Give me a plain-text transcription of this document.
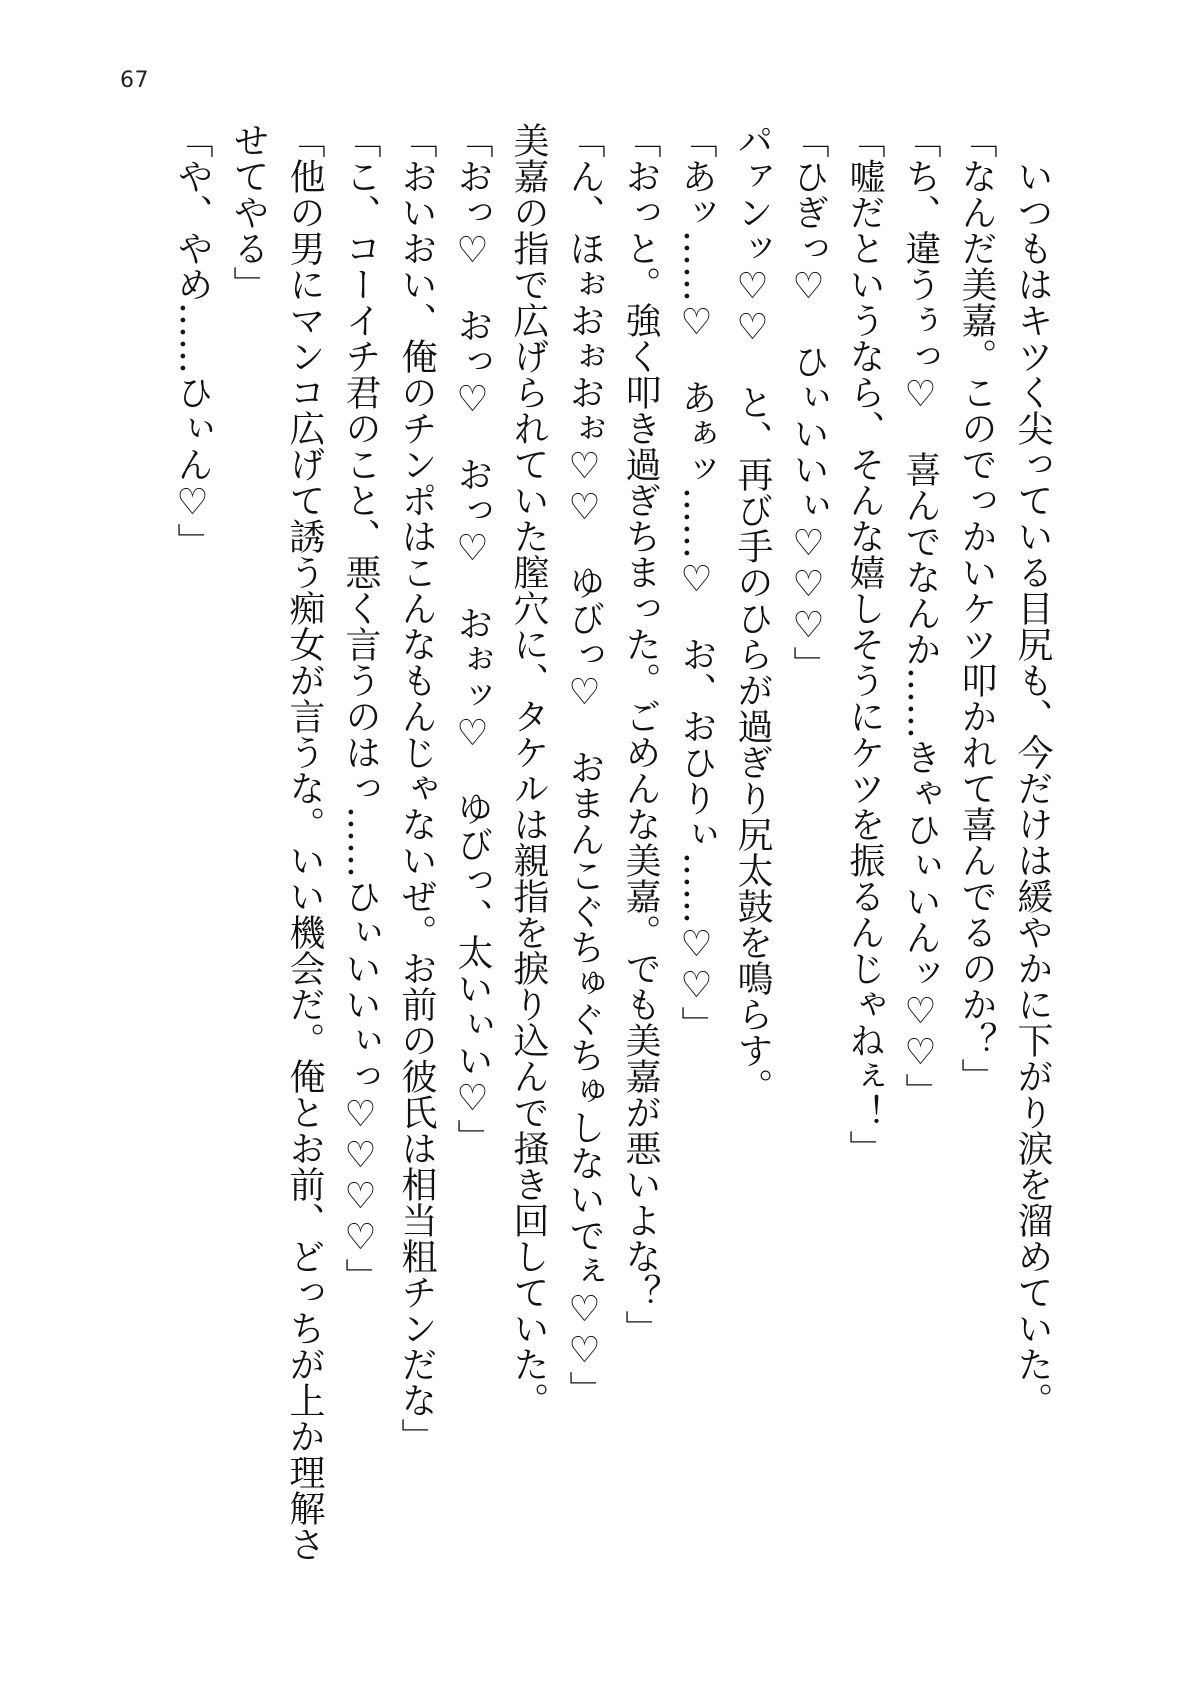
67

いつもはキツく尖っている目尻も、今だけは緩やかに下がり涙を溜めていた。

「なんだ美嘉。このでっかいケツ叩かれて喜んでるのか？」

「ち、違うぅっ♡　喜んでなんか……きゃひぃいんッ♡♡」

「嘘だというなら、そんな嬉しそうにケツを振るんじゃねぇ！」

「ひぎっ♡　ひぃいいぃ♡♡♡」

パァンッ♡♡　と、再び手のひらが過ぎり尻太鼓を鳴らす。

「あッ……♡　あぁッ……♡　お、おひりぃ……♡♡」

「おっと。強く叩き過ぎちまった。ごめんな美嘉。でも美嘉が悪いよな？」

「ん、ほぉおぉおぉ♡♡　ゆびっ♡　おまんこぐちゅぐちゅしないでぇ♡♡」

美嘉の指で広げられていた膣穴に、タケルは親指を捩り込んで掻き回していた。

「おっ♡　おっ♡　おっ♡　おぉッ♡　ゆびっ、太いぃい♡」

「おいおい、俺のチンポはこんなもんじゃないぜ。お前の彼氏は相当粗チンだな」

「こ、コーイチ君のこと、悪く言うのはっ……ひぃいいぃっ♡♡♡♡」

「他の男にマンコ広げて誘う痴女が言うな。いい機会だ。俺とお前、どっちが上か理解さ

せてやる」

「や、やめ……ひぃん♡」
